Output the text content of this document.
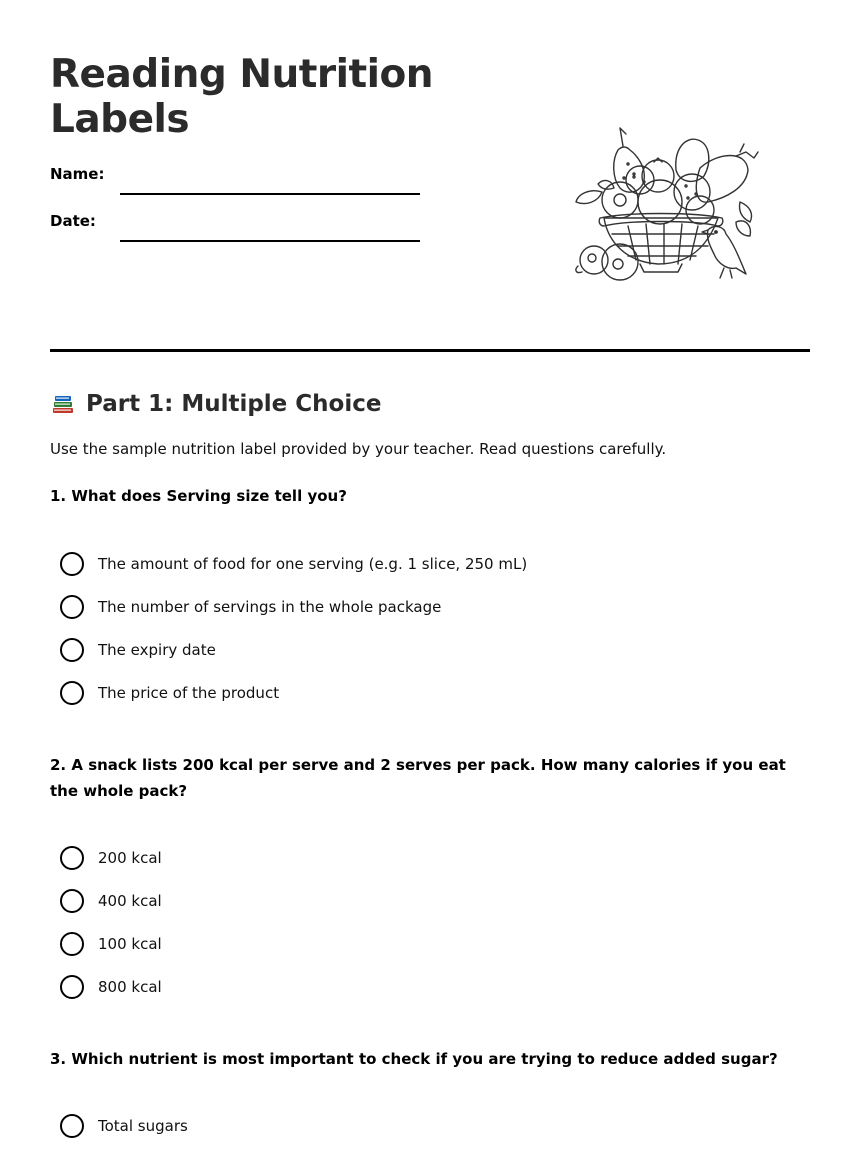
Reading Nutrition Labels
Name:
Date:
Part 1: Multiple Choice
Use the sample nutrition label provided by your teacher. Read questions carefully.
1. What does Serving size tell you?
The amount of food for one serving (e.g. 1 slice, 250 mL)
The number of servings in the whole package
The expiry date
The price of the product
2. A snack lists 200 kcal per serve and 2 serves per pack. How many calories if you eat the whole pack?
200 kcal
400 kcal
100 kcal
800 kcal
3. Which nutrient is most important to check if you are trying to reduce added sugar?
Total sugars
